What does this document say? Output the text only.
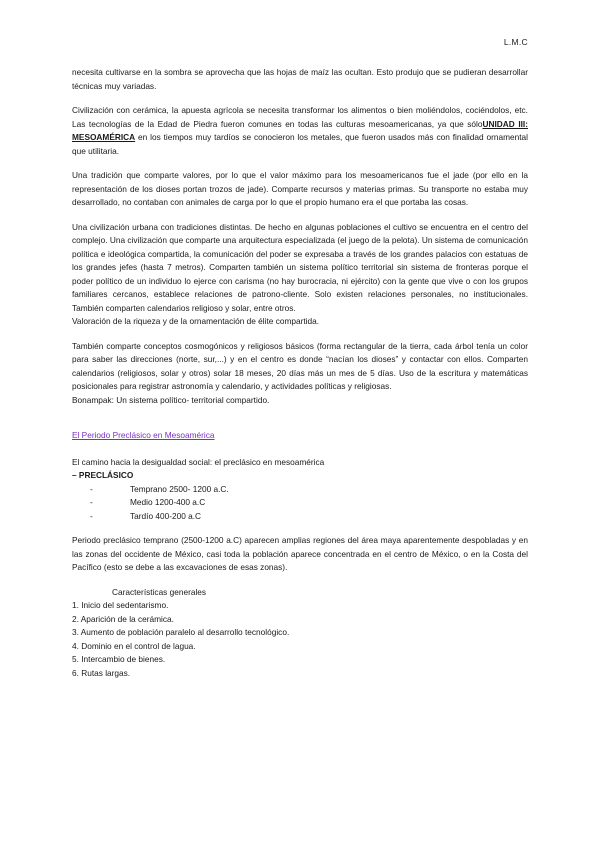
L.M.C

necesita cultivarse en la sombra se aprovecha que las hojas de maíz las ocultan. Esto produjo que se pudieran desarrollar técnicas muy variadas.

Civilización con cerámica, la apuesta agrícola se necesita transformar los alimentos o bien moliéndolos, cociéndolos, etc. Las tecnologías de la Edad de Piedra fueron comunes en todas las culturas mesoamericanas, ya que sóloUNIDAD III: MESOAMÉRICA en los tiempos muy tardíos se conocieron los metales, que fueron usados más con finalidad ornamental que utilitaria.

Una tradición que comparte valores, por lo que el valor máximo para los mesoamericanos fue el jade (por ello en la representación de los dioses portan trozos de jade). Comparte recursos y materias primas. Su transporte no estaba muy desarrollado, no contaban con animales de carga por lo que el propio humano era el que portaba las cosas.

Una civilización urbana con tradiciones distintas. De hecho en algunas poblaciones el cultivo se encuentra en el centro del complejo. Una civilización que comparte una arquitectura especializada (el juego de la pelota). Un sistema de comunicación política e ideológica compartida, la comunicación del poder se expresaba a través de los grandes palacios con estatuas de los grandes jefes (hasta 7 metros). Comparten también un sistema político territorial sin sistema de fronteras porque el poder político de un individuo lo ejerce con carisma (no hay burocracia, ni ejército) con la gente que vive o con los grupos familiares cercanos, establece relaciones de patrono-cliente. Solo existen relaciones personales, no institucionales. También comparten calendarios religioso y solar, entre otros.

Valoración de la riqueza y de la ornamentación de élite compartida.

También comparte conceptos cosmogónicos y religiosos básicos (forma rectangular de la tierra, cada árbol tenía un color para saber las direcciones (norte, sur,...) y en el centro es donde “nacían los dioses” y contactar con ellos. Comparten calendarios (religiosos, solar y otros) solar 18 meses, 20 días más un mes de 5 días. Uso de la escritura y matemáticas posicionales para registrar astronomía y calendario, y actividades políticas y religiosas.

Bonampak: Un sistema político- territorial compartido.

El Periodo Preclásico en Mesoamérica

El camino hacia la desigualdad social: el preclásico en mesoamérica

– PRECLÁSICO

-	Temprano 2500- 1200 a.C.
-	Medio 1200-400 a.C
-	Tardío 400-200 a.C

Periodo preclásico temprano (2500-1200 a.C) aparecen amplias regiones del área maya aparentemente despobladas y en las zonas del occidente de México, casi toda la población aparece concentrada en el centro de México, o en la Costa del Pacífico (esto se debe a las excavaciones de esas zonas).

Características generales

1. Inicio del sedentarismo.
2. Aparición de la cerámica.
3. Aumento de población paralelo al desarrollo tecnológico.
4. Dominio en el control de lagua.
5. Intercambio de bienes.
6. Rutas largas.
